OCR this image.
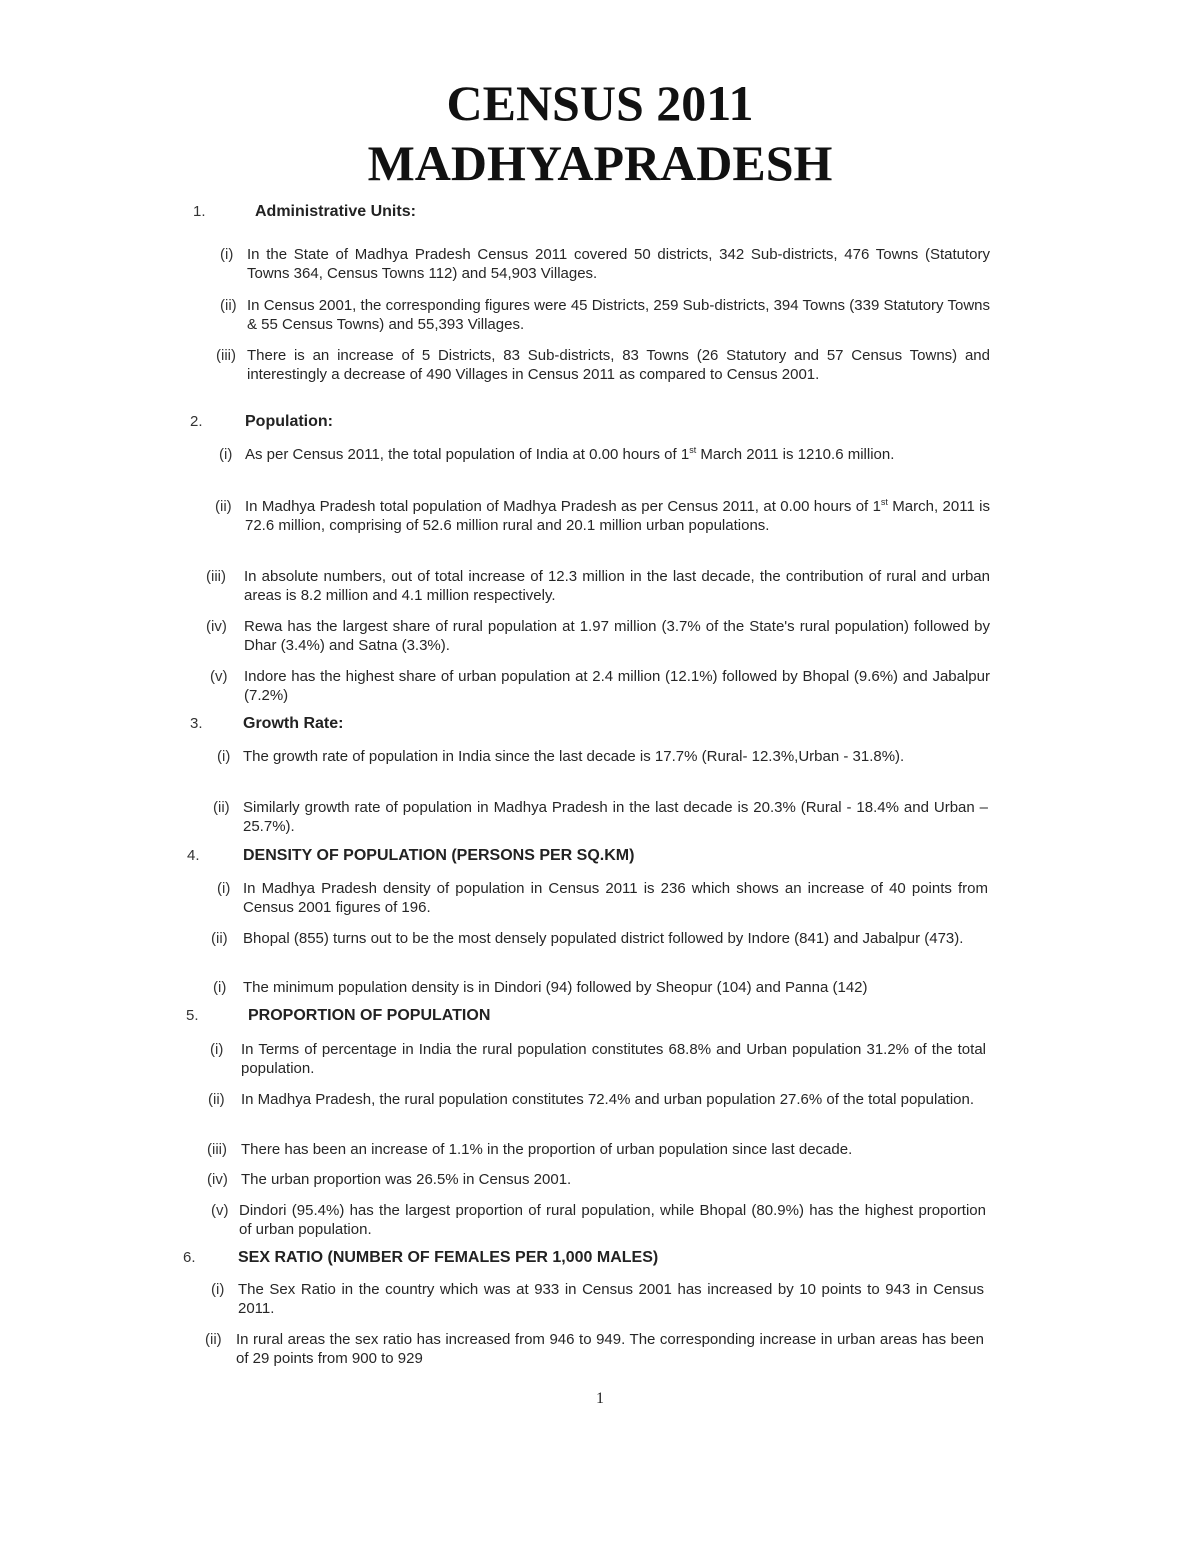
CENSUS 2011
MADHYAPRADESH
1.	Administrative Units:
(i) In the State of Madhya Pradesh Census 2011 covered 50 districts, 342 Sub-districts, 476 Towns (Statutory Towns 364, Census Towns 112) and 54,903 Villages.
(ii) In Census 2001, the corresponding figures were 45 Districts, 259 Sub-districts, 394 Towns (339 Statutory Towns & 55 Census Towns) and 55,393 Villages.
(iii) There is an increase of 5 Districts, 83 Sub-districts, 83 Towns (26 Statutory and 57 Census Towns) and interestingly a decrease of 490 Villages in Census 2011 as compared to Census 2001.
2.	Population:
(i) As per Census 2011, the total population of India at 0.00 hours of 1st March 2011 is 1210.6 million.
(ii) In Madhya Pradesh total population of Madhya Pradesh as per Census 2011, at 0.00 hours of 1st March, 2011 is 72.6 million, comprising of 52.6 million rural and 20.1 million urban populations.
(iii) In absolute numbers, out of total increase of 12.3 million in the last decade, the contribution of rural and urban areas is 8.2 million and 4.1 million respectively.
(iv) Rewa has the largest share of rural population at 1.97 million (3.7% of the State's rural population) followed by Dhar (3.4%) and Satna (3.3%).
(v) Indore has the highest share of urban population at 2.4 million (12.1%) followed by Bhopal (9.6%) and Jabalpur (7.2%)
3.	Growth Rate:
(i) The growth rate of population in India since the last decade is 17.7% (Rural- 12.3%,Urban - 31.8%).
(ii) Similarly growth rate of population in Madhya Pradesh in the last decade is 20.3% (Rural - 18.4% and Urban – 25.7%).
4.	DENSITY OF POPULATION (PERSONS PER SQ.KM)
(i) In Madhya Pradesh density of population in Census 2011 is 236 which shows an increase of 40 points from Census 2001 figures of 196.
(ii) Bhopal (855) turns out to be the most densely populated district followed by Indore (841) and Jabalpur (473).
(i) The minimum population density is in Dindori (94) followed by Sheopur (104) and Panna (142)
5.	PROPORTION OF POPULATION
(i) In Terms of percentage in India the rural population constitutes 68.8% and Urban population 31.2% of the total population.
(ii) In Madhya Pradesh, the rural population constitutes 72.4% and urban population 27.6% of the total population.
(iii) There has been an increase of 1.1% in the proportion of urban population since last decade.
(iv) The urban proportion was 26.5% in Census 2001.
(v) Dindori (95.4%) has the largest proportion of rural population, while Bhopal (80.9%) has the highest proportion of urban population.
6.	SEX RATIO (NUMBER OF FEMALES PER 1,000 MALES)
(i) The Sex Ratio in the country which was at 933 in Census 2001 has increased by 10 points to 943 in Census 2011.
(ii) In rural areas the sex ratio has increased from 946 to 949. The corresponding increase in urban areas has been of 29 points from 900 to 929
1
